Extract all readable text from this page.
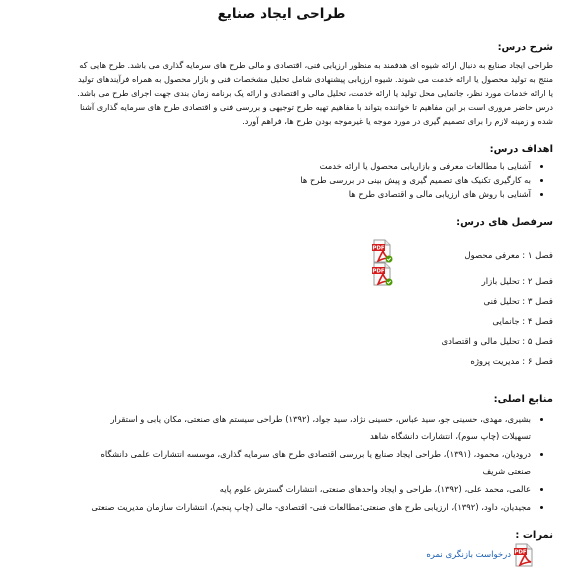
طراحی ایجاد صنایع
شرح درس:
طراحی ایجاد صنایع به دنبال ارائه شیوه ای هدفمند به منظور ارزیابی فنی، اقتصادی و مالی طرح های سرمایه گذاری می باشد. طرح هایی که
منتج به تولید محصول یا ارائه خدمت می شوند. شیوه ارزیابی پیشنهادی شامل تحلیل مشخصات فنی و بازار محصول به همراه فرآیندهای تولید
یا ارائه خدمات مورد نظر، جانمایی محل تولید یا ارائه خدمت، تحلیل مالی و اقتصادی و ارائه یک برنامه زمان بندی جهت اجرای طرح می باشد.
درس حاضر مروری است بر این مفاهیم تا خواننده بتواند با مفاهیم تهیه طرح توجیهی و بررسی فنی و اقتصادی طرح های سرمایه گذاری آشنا
شده و زمینه لازم را برای تصمیم گیری در مورد موجه یا غیرموجه بودن طرح ها، فراهم آورد.
اهداف درس:
• آشنایی با مطالعات معرفی و بازاریابی محصول یا ارائه خدمت
• به کارگیری تکنیک های تصمیم گیری و پیش بینی در بررسی طرح ها
• آشنایی با روش های ارزیابی مالی و اقتصادی طرح ها
سرفصل های درس:
فصل ۱ : معرفی محصول
PDF
فصل ۲ : تحلیل بازار
PDF
فصل ۳ : تحلیل فنی
فصل ۴ : جانمایی
فصل ۵ : تحلیل مالی و اقتصادی
فصل ۶ : مدیریت پروژه
منابع اصلی:
• بشیری، مهدی، حسینی جو، سید عباس، حسینی نژاد، سید جواد، (۱۳۹۲) طراحی سیستم های صنعتی، مکان یابی و استقرار
تسهیلات (چاپ سوم)، انتشارات دانشگاه شاهد
• دروديان، محمود، (۱۳۹۱)، طراحی ایجاد صنایع یا بررسی اقتصادی طرح های سرمایه گذاری، موسسه انتشارات علمی دانشگاه
صنعتی شریف
• عالمی، محمد علی، (۱۳۹۲)، طراحی و ایجاد واحدهای صنعتی، انتشارات گسترش علوم پایه
• مجیدیان، داود، (۱۳۹۲)، ارزیابی طرح های صنعتی:مطالعات فنی- اقتصادی- مالی (چاپ پنجم)، انتشارات سازمان مدیریت صنعتی
نمرات :
PDF
درخواست بازنگری نمره
